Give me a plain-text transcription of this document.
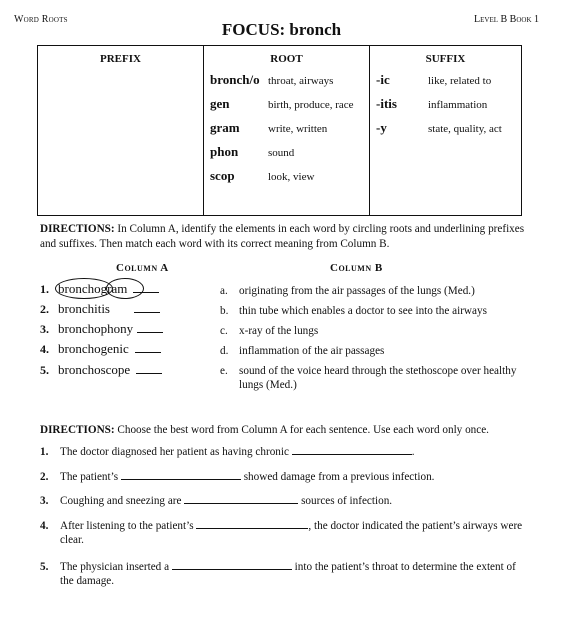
Word Roots
FOCUS: bronch
Level B Book 1
PREFIX	ROOT
bronch/o throat, airways
gen	birth, produce, race
gram	write, written
phon	sound
scop	look, view

SUFFIX
-ic	like, related to
-itis	inflammation
-y	state, quality, act
DIRECTIONS: In Column A, identify the elements in each word by circling roots and underlining prefixes and suffixes. Then match each word with its correct meaning from Column B.
Column A	Column B
1. bronchogram
2. bronchitis
3. bronchophony
4. bronchogenic
5. bronchoscope
a.	originating from the air passages of the lungs (Med.)
b. thin tube which enables a doctor to see into the airways
c.	x-ray of the lungs
d. inflammation of the air passages
e.	sound of the voice heard through the stethoscope over healthy lungs (Med.)
DIRECTIONS: Choose the best word from Column A for each sentence. Use each word only once.
1.	The doctor diagnosed her patient as having chronic	.
2.	The patient’s	showed damage from a previous infection.
3.	Coughing and sneezing are	sources of infection.
4.	After listening to the patient’s	, the doctor indicated the patient’s airways were clear.
5.	The physician inserted a	into the patient’s throat to determine the extent of the damage.
